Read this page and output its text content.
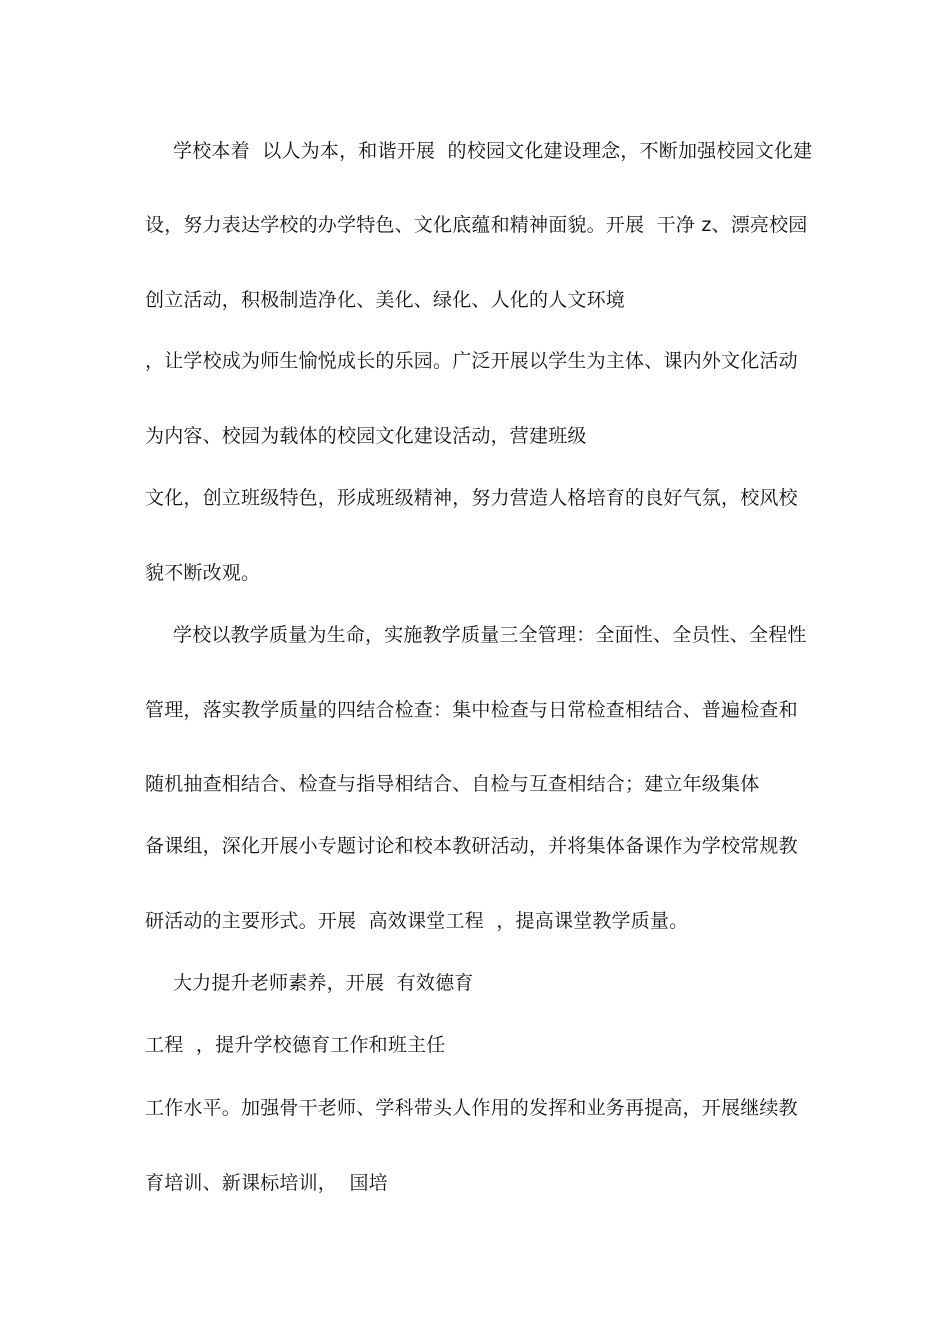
学校本着  以人为本，和谐开展  的校园文化建设理念，不断加强校园文化建
设，努力表达学校的办学特色、文化底蕴和精神面貌。开展  干净 z、漂亮校园
创立活动，积极制造净化、美化、绿化、人化的人文环境
，让学校成为师生愉悦成长的乐园。广泛开展以学生为主体、课内外文化活动
为内容、校园为载体的校园文化建设活动，营建班级
文化，创立班级特色，形成班级精神，努力营造人格培育的良好气氛，校风校
貌不断改观。
学校以教学质量为生命，实施教学质量三全管理：全面性、全员性、全程性
管理，落实教学质量的四结合检查：集中检查与日常检查相结合、普遍检查和
随机抽查相结合、检查与指导相结合、自检与互查相结合；建立年级集体
备课组，深化开展小专题讨论和校本教研活动，并将集体备课作为学校常规教
研活动的主要形式。开展  高效课堂工程  ，提高课堂教学质量。
大力提升老师素养，开展  有效德育
工程  ，提升学校德育工作和班主任
工作水平。加强骨干老师、学科带头人作用的发挥和业务再提高，开展继续教
育培训、新课标培训，  国培
